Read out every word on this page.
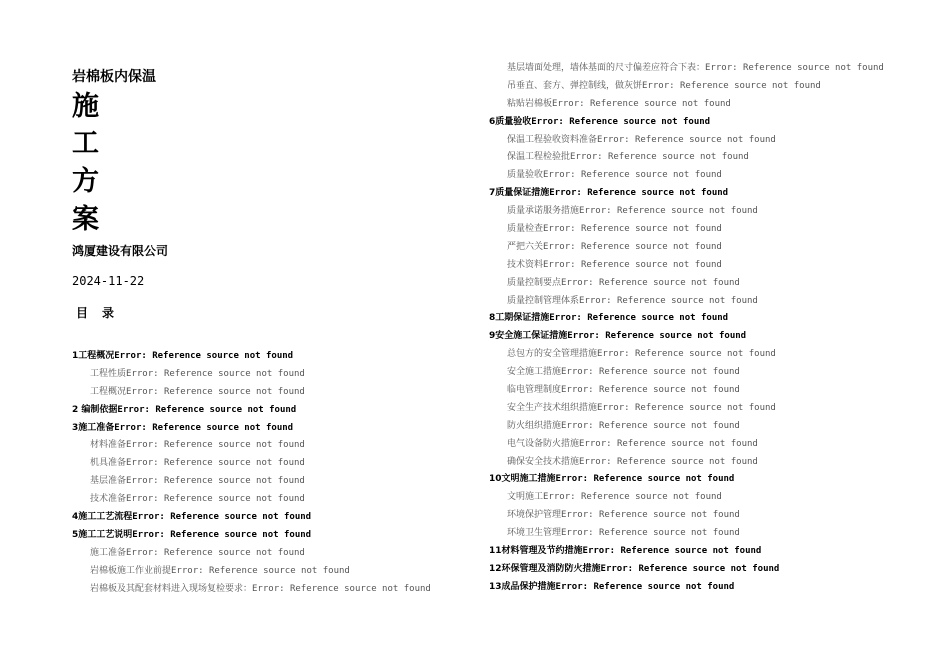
岩棉板内保温
施
工
方
案
鸿厦建设有限公司
2024-11-22
目录
1工程概况Error: Reference source not found
工程性质Error: Reference source not found
工程概况Error: Reference source not found
2 编制依据Error: Reference source not found
3施工准备Error: Reference source not found
材料准备Error: Reference source not found
机具准备Error: Reference source not found
基层准备Error: Reference source not found
技术准备Error: Reference source not found
4施工工艺流程Error: Reference source not found
5施工工艺说明Error: Reference source not found
施工准备Error: Reference source not found
岩棉板施工作业前提Error: Reference source not found
岩棉板及其配套材料进入现场复检要求：Error: Reference source not found
基层墙面处理，墙体基面的尺寸偏差应符合下表：Error: Reference source not found
吊垂直、套方、弹控制线，做灰饼Error: Reference source not found
粘贴岩棉板Error: Reference source not found
6质量验收Error: Reference source not found
保温工程验收资料准备Error: Reference source not found
保温工程检验批Error: Reference source not found
质量验收Error: Reference source not found
7质量保证措施Error: Reference source not found
质量承诺服务措施Error: Reference source not found
质量检查Error: Reference source not found
严把六关Error: Reference source not found
技术资料Error: Reference source not found
质量控制要点Error: Reference source not found
质量控制管理体系Error: Reference source not found
8工期保证措施Error: Reference source not found
9安全施工保证措施Error: Reference source not found
总包方的安全管理措施Error: Reference source not found
安全施工措施Error: Reference source not found
临电管理制度Error: Reference source not found
安全生产技术组织措施Error: Reference source not found
防火组织措施Error: Reference source not found
电气设备防火措施Error: Reference source not found
确保安全技术措施Error: Reference source not found
10文明施工措施Error: Reference source not found
文明施工Error: Reference source not found
环境保护管理Error: Reference source not found
环境卫生管理Error: Reference source not found
11材料管理及节约措施Error: Reference source not found
12环保管理及消防防火措施Error: Reference source not found
13成品保护措施Error: Reference source not found
